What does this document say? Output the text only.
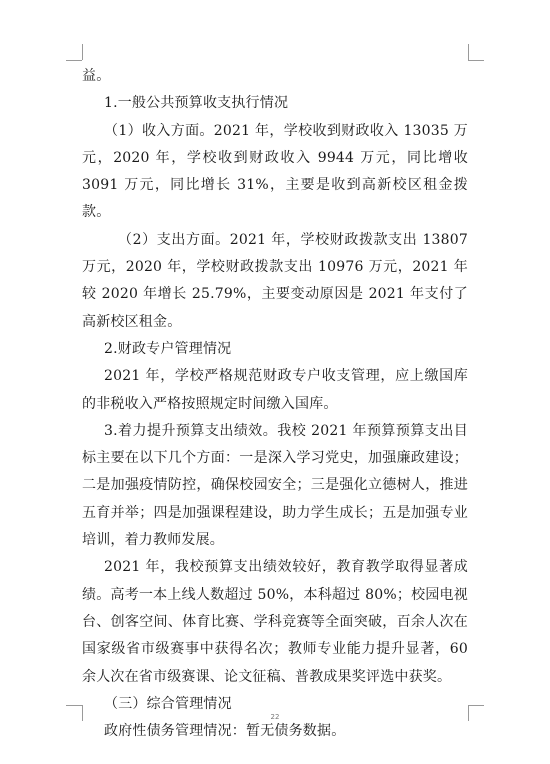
益。

1.一般公共预算收支执行情况

（1）收入方面。2021 年，学校收到财政收入 13035 万元，2020 年，学校收到财政收入 9944 万元，同比增收 3091 万元，同比增长 31%，主要是收到高新校区租金拨款。

（2）支出方面。2021 年，学校财政拨款支出 13807 万元，2020 年，学校财政拨款支出 10976 万元，2021 年较 2020 年增长 25.79%，主要变动原因是 2021 年支付了高新校区租金。

2.财政专户管理情况

2021 年，学校严格规范财政专户收支管理，应上缴国库的非税收入严格按照规定时间缴入国库。

3.着力提升预算支出绩效。我校 2021 年预算预算支出目标主要在以下几个方面：一是深入学习党史，加强廉政建设；二是加强疫情防控，确保校园安全；三是强化立德树人，推进五育并举；四是加强课程建设，助力学生成长；五是加强专业培训，着力教师发展。

2021 年，我校预算支出绩效较好，教育教学取得显著成绩。高考一本上线人数超过 50%，本科超过 80%；校园电视台、创客空间、体育比赛、学科竞赛等全面突破，百余人次在国家级省市级赛事中获得名次；教师专业能力提升显著，60 余人次在省市级赛课、论文征稿、普教成果奖评选中获奖。

（三）综合管理情况

政府性债务管理情况：暂无债务数据。

22
